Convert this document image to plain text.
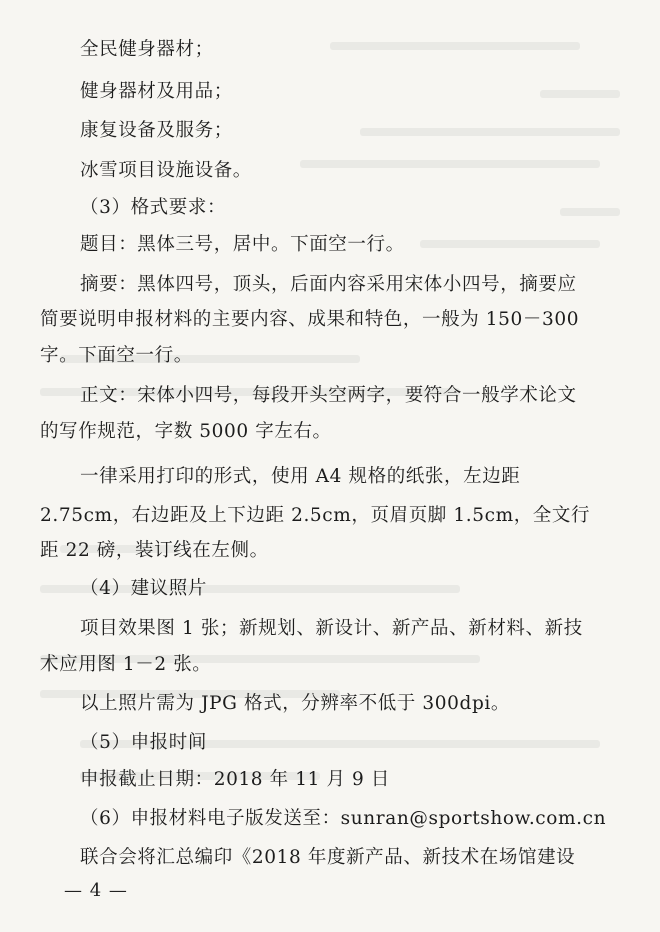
全民健身器材；
健身器材及用品；
康复设备及服务；
冰雪项目设施设备。
（3）格式要求：
题目：黑体三号，居中。下面空一行。
摘要：黑体四号，顶头，后面内容采用宋体小四号，摘要应
简要说明申报材料的主要内容、成果和特色，一般为 150－300
字。下面空一行。
正文：宋体小四号，每段开头空两字，要符合一般学术论文
的写作规范，字数 5000 字左右。
一律采用打印的形式，使用 A4 规格的纸张，左边距
2.75cm，右边距及上下边距 2.5cm，页眉页脚 1.5cm，全文行
距 22 磅，装订线在左侧。
（4）建议照片
项目效果图 1 张；新规划、新设计、新产品、新材料、新技
术应用图 1－2 张。
以上照片需为 JPG 格式，分辨率不低于 300dpi。
（5）申报时间
申报截止日期：2018 年 11 月 9 日
（6）申报材料电子版发送至：sunran@sportshow.com.cn
联合会将汇总编印《2018 年度新产品、新技术在场馆建设
— 4 —
